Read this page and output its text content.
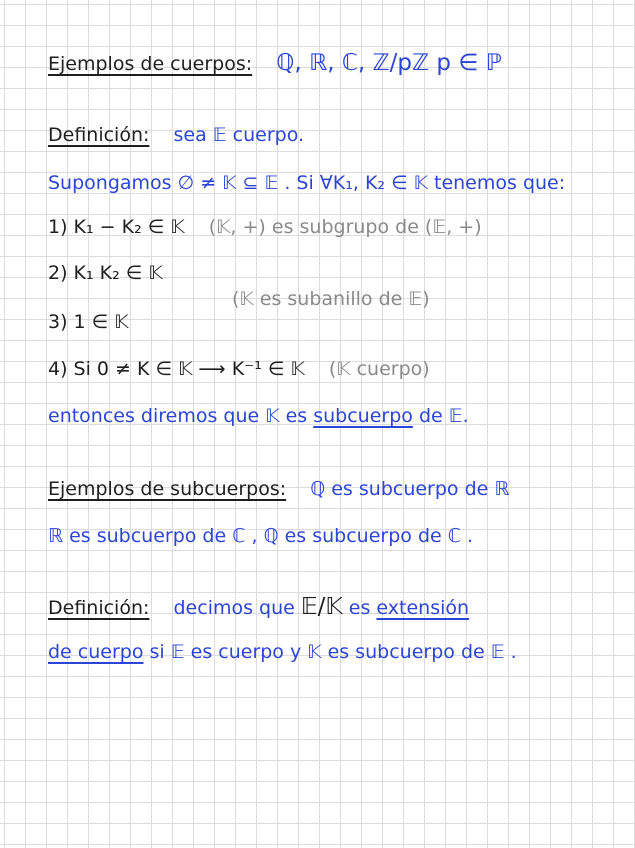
Ejemplos de cuerpos: ℚ, ℝ, ℂ, ℤ/pℤ p ∈ ℙ
Definición: sea 𝔼 cuerpo.
Supongamos ∅ ≠ 𝕂 ⊆ 𝔼 . Si ∀K₁, K₂ ∈ 𝕂 tenemos que:
1) K₁ − K₂ ∈ 𝕂 (𝕂, +) es subgrupo de (𝔼, +)
2) K₁ K₂ ∈ 𝕂
(𝕂 es subanillo de 𝔼)
3) 1 ∈ 𝕂
4) Si 0 ≠ K ∈ 𝕂 ⟶ K⁻¹ ∈ 𝕂 (𝕂 cuerpo)
entonces diremos que 𝕂 es subcuerpo de 𝔼.
Ejemplos de subcuerpos: ℚ es subcuerpo de ℝ
ℝ es subcuerpo de ℂ , ℚ es subcuerpo de ℂ .
Definición: decimos que 𝔼/𝕂 es extensión
de cuerpo si 𝔼 es cuerpo y 𝕂 es subcuerpo de 𝔼 .
